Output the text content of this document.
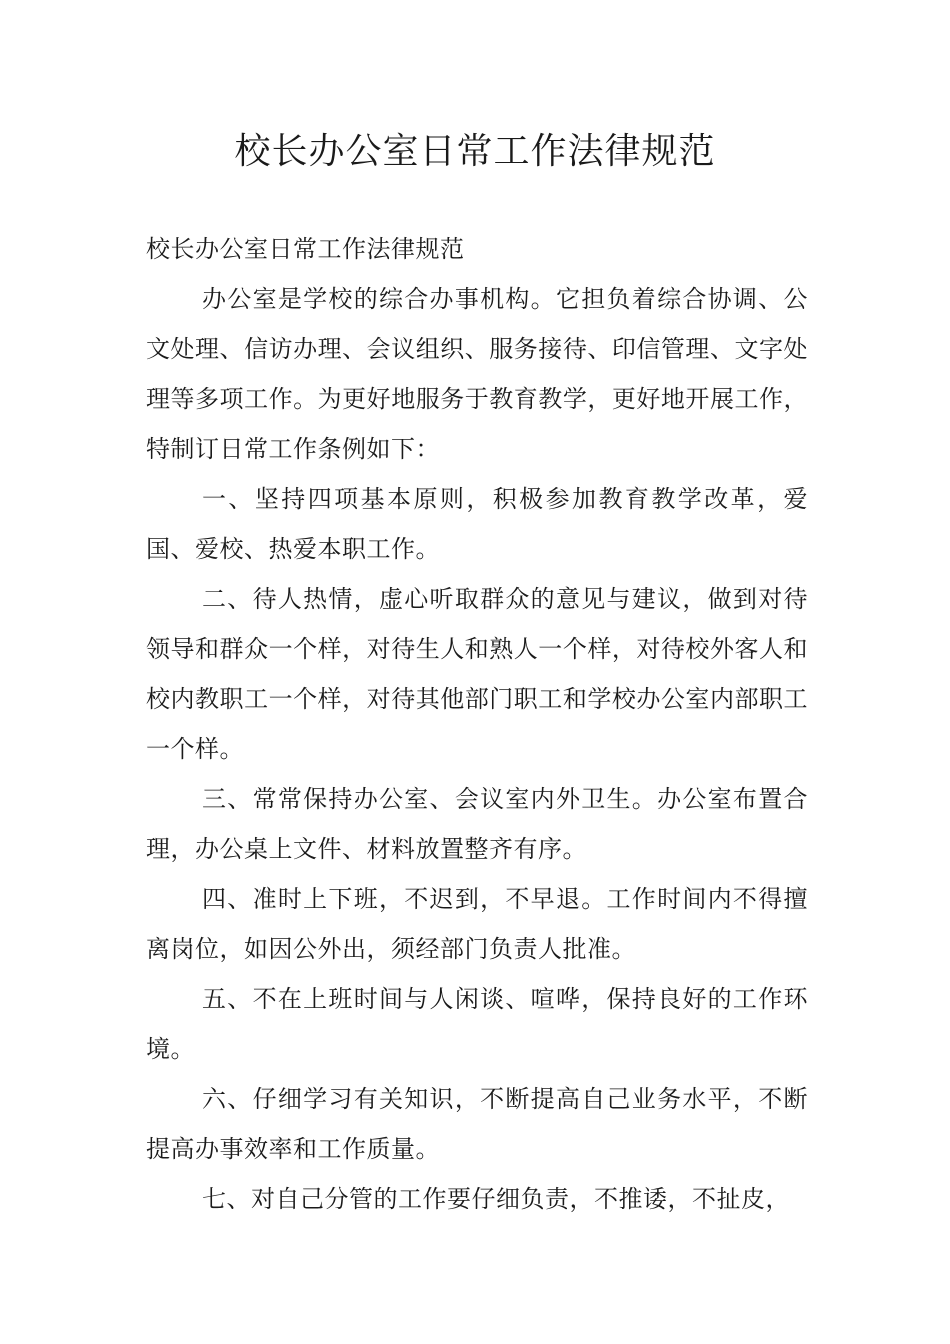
校长办公室日常工作法律规范

校长办公室日常工作法律规范

办公室是学校的综合办事机构。它担负着综合协调、公文处理、信访办理、会议组织、服务接待、印信管理、文字处理等多项工作。为更好地服务于教育教学，更好地开展工作，特制订日常工作条例如下：

一、坚持四项基本原则，积极参加教育教学改革，爱国、爱校、热爱本职工作。

二、待人热情，虚心听取群众的意见与建议，做到对待领导和群众一个样，对待生人和熟人一个样，对待校外客人和校内教职工一个样，对待其他部门职工和学校办公室内部职工一个样。

三、常常保持办公室、会议室内外卫生。办公室布置合理，办公桌上文件、材料放置整齐有序。

四、准时上下班，不迟到，不早退。工作时间内不得擅离岗位，如因公外出，须经部门负责人批准。

五、不在上班时间与人闲谈、喧哗，保持良好的工作环境。

六、仔细学习有关知识，不断提高自己业务水平，不断提高办事效率和工作质量。

七、对自己分管的工作要仔细负责，不推诿，不扯皮，
